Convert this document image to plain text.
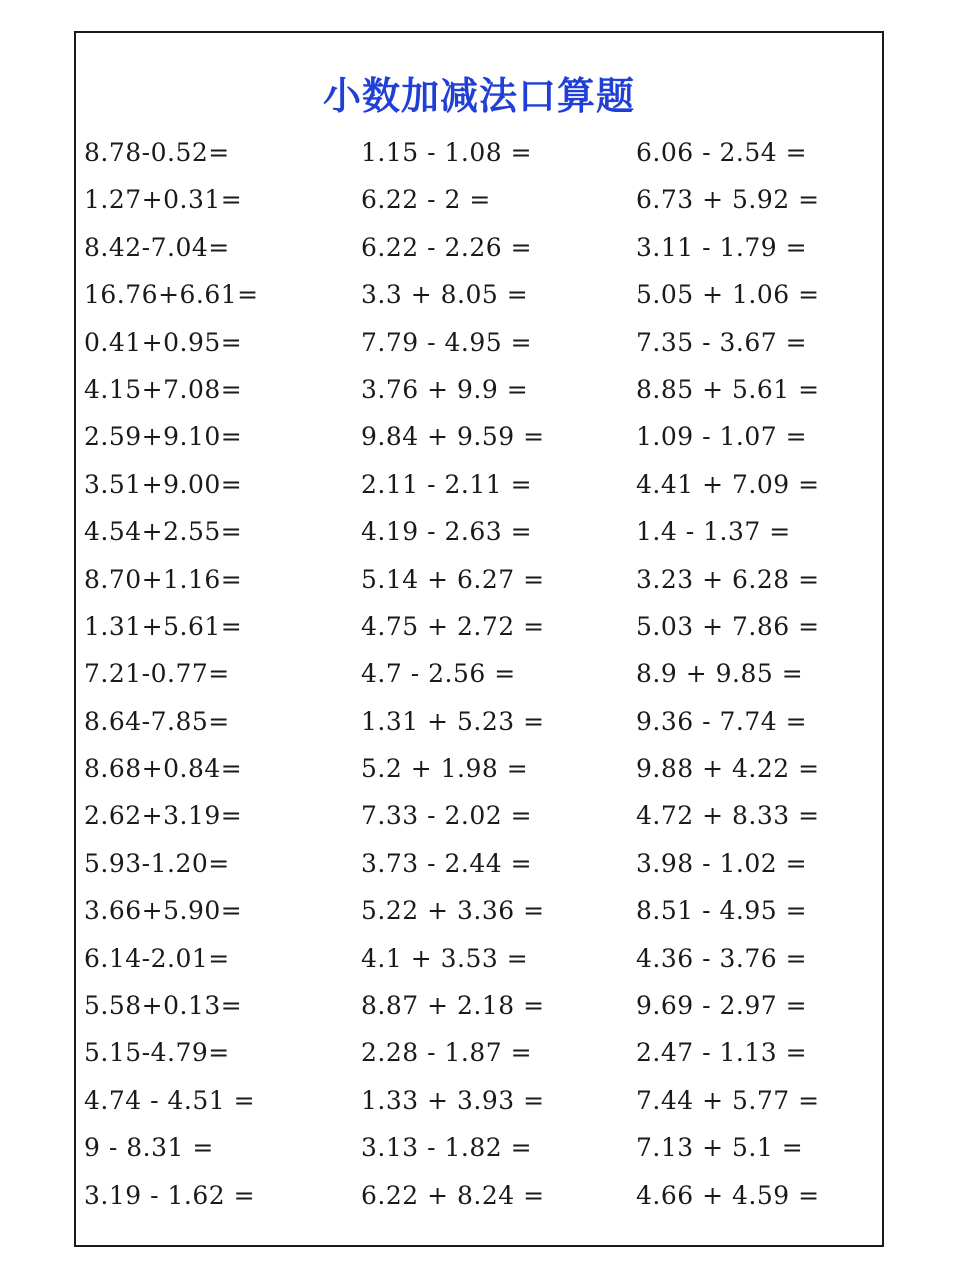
小数加减法口算题
8.78-0.52=
1.27+0.31=
8.42-7.04=
16.76+6.61=
0.41+0.95=
4.15+7.08=
2.59+9.10=
3.51+9.00=
4.54+2.55=
8.70+1.16=
1.31+5.61=
7.21-0.77=
8.64-7.85=
8.68+0.84=
2.62+3.19=
5.93-1.20=
3.66+5.90=
6.14-2.01=
5.58+0.13=
5.15-4.79=
4.74 - 4.51 =
9 - 8.31 =
3.19 - 1.62 =
1.15 - 1.08 =
6.22 - 2 =
6.22 - 2.26 =
3.3 + 8.05 =
7.79 - 4.95 =
3.76 + 9.9 =
9.84 + 9.59 =
2.11 - 2.11 =
4.19 - 2.63 =
5.14 + 6.27 =
4.75 + 2.72 =
4.7 - 2.56 =
1.31 + 5.23 =
5.2 + 1.98 =
7.33 - 2.02 =
3.73 - 2.44 =
5.22 + 3.36 =
4.1 + 3.53 =
8.87 + 2.18 =
2.28 - 1.87 =
1.33 + 3.93 =
3.13 - 1.82 =
6.22 + 8.24 =
6.06 - 2.54 =
6.73 + 5.92 =
3.11 - 1.79 =
5.05 + 1.06 =
7.35 - 3.67 =
8.85 + 5.61 =
1.09 - 1.07 =
4.41 + 7.09 =
1.4 - 1.37 =
3.23 + 6.28 =
5.03 + 7.86 =
8.9 + 9.85 =
9.36 - 7.74 =
9.88 + 4.22 =
4.72 + 8.33 =
3.98 - 1.02 =
8.51 - 4.95 =
4.36 - 3.76 =
9.69 - 2.97 =
2.47 - 1.13 =
7.44 + 5.77 =
7.13 + 5.1 =
4.66 + 4.59 =
